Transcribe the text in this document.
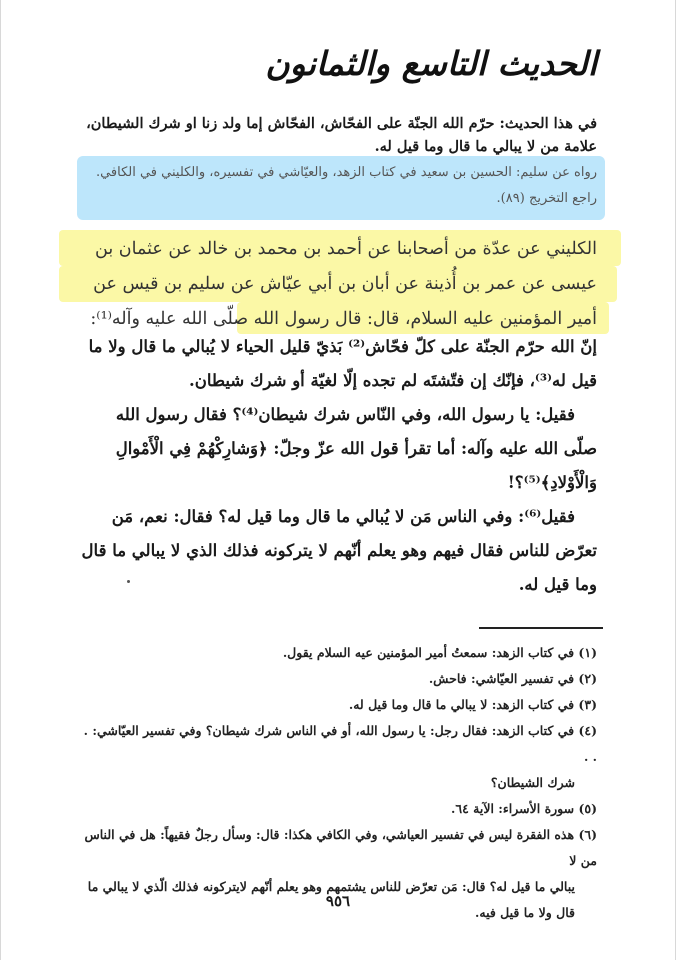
الحديث التاسع والثمانون
في هذا الحديث: حرّم الله الجنّة على الفحّاش، الفحّاش إما ولد زنا او شرك الشيطان، علامة من لا يبالي ما قال وما قيل له.
رواه عن سليم: الحسين بن سعيد في كتاب الزهد، والعيّاشي في تفسيره، والكليني في الكافي. راجع التخريج (٨٩).
الكليني عن عدّة من أصحابنا عن أحمد بن محمد بن خالد عن عثمان بن عيسى عن عمر بن أُذينة عن أبان بن أبي عيّاش عن سليم بن قيس عن أمير المؤمنين عليه السلام، قال: قال رسول الله صلّى الله عليه وآله⁽¹⁾:

إنّ الله حرّم الجنّة على كلّ فحّاش⁽²⁾ بَذيّ قليل الحياء لا يُبالي ما قال ولا ما قيل له⁽³⁾، فإنّك إن فتّشتَه لم تجده إلّا لغيّة أو شرك شيطان.

فقيل: يا رسول الله، وفي النّاس شرك شيطان⁽⁴⁾؟ فقال رسول الله صلّى الله عليه وآله: أما تقرأ قول الله عزّ وجلّ: ﴿وَشارِكْهُمْ فِي الْأَمْوالِ وَالْأَوْلادِ﴾⁽⁵⁾؟!

فقيل⁽⁶⁾: وفي الناس مَن لا يُبالي ما قال وما قيل له؟ فقال: نعم، مَن تعرّض للناس فقال فيهم وهو يعلم أنّهم لا يتركونه فذلك الذي لا يبالي ما قال وما قيل له.

(١) في كتاب الزهد: سمعتُ أمير المؤمنين عيه السلام يقول.

(٢) في تفسير العيّاشي: فاحش.

(٣) في كتاب الزهد: لا يبالي ما قال وما قيل له.

(٤) في كتاب الزهد: فقال رجل: يا رسول الله، أو في الناس شرك شيطان؟ وفي تفسير العيّاشي: . . .

شرك الشيطان؟

(٥) سورة الأسراء: الآية ٦٤.

(٦) هذه الفقرة ليس في تفسير العياشي، وفي الكافي هكذا: قال: وسأل رجلٌ فقيهاً: هل في الناس من لا

يبالي ما قيل له؟ قال: مَن تعرّض للناس يشتمهم وهو يعلم أنّهم لايتركونه فذلك الّذي لا يبالي ما قال ولا ما قيل فيه.

٩٥٦
